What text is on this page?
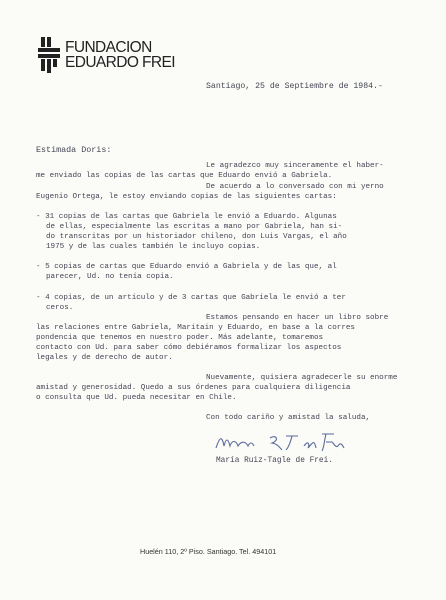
FUNDACION
EDUARDO FREI
Santiago, 25 de Septiembre de 1984.-
Estimada Doris:
Le agradezco muy sinceramente el haber-
me enviado las copias de las cartas que Eduardo envió a Gabriela.
De acuerdo a lo conversado con mi yerno
Eugenio Ortega, le estoy enviando copias de las siguientes cartas:
- 31 copias de las cartas que Gabriela le envió a Eduardo. Algunas
de ellas, especialmente las escritas a mano por Gabriela, han si-
do transcritas por un historiador chileno, don Luis Vargas, el año
1975 y de las cuales también le incluyo copias.
- 5 copias de cartas que Eduardo envió a Gabriela y de las que, al
parecer, Ud. no tenía copia.
- 4 copias, de un artículo y de 3 cartas que Gabriela le envió a ter
ceros.
Estamos pensando en hacer un libro sobre
las relaciones entre Gabriela, Maritain y Eduardo, en base a la corres
pondencia que tenemos en nuestro poder. Más adelante, tomaremos
contacto con Ud. para saber cómo debiéramos formalizar los aspectos
legales y de derecho de autor.
Nuevamente, quisiera agradecerle su enorme
amistad y generosidad. Quedo a sus órdenes para cualquiera diligencia
o consulta que Ud. pueda necesitar en Chile.
Con todo cariño y amistad la saluda,
María Ruiz-Tagle de Frei.
Huelén 110, 2º Piso. Santiago. Tel. 494101
